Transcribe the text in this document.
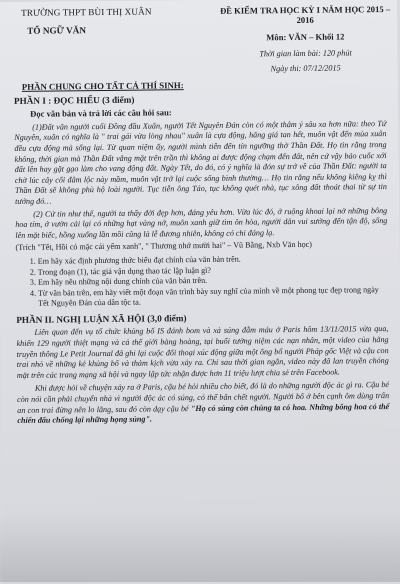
TRƯỜNG THPT BÙI THỊ XUÂN
TỔ NGỮ VĂN
ĐỀ KIỂM TRA HỌC KỲ I NĂM HỌC 2015 – 2016
Môn: VĂN – Khối 12
Thời gian làm bài: 120 phút
Ngày thi: 07/12/2015
PHẦN CHUNG CHO TẤT CẢ THÍ SINH:
PHẦN I : ĐỌC HIỂU (3 điểm)
Đọc văn bản và trả lời các câu hỏi sau:
(1)Đất văn người cuối Đồng đầu Xuân, người Tết Nguyên Đán còn có một thâm ý sâu xa hơn nữa: theo Tứ Nguyên, xuân có nghĩa là " trai gái vừa lòng nhau" xuân là cựa động, hăng giá tan hết, muôn vật đến mùa xuân đều cựa động mà sống lại. Từ quan niệm ấy, người mình tiễn đến tín ngưỡng thờ Thần Đất. Họ tin rằng trong không, thời gian mà Thần Đất vắng mặt trên trần thì không ai được động chạm đến đất, nên cứ vậy bảo cuốc xới đất lên hay gặt gạo làm cho vang động đất. Ngày Tết, do đó, có ý nghĩa là đón sự trở về của Thần Đất: người ta chờ lúc cây cối đâm lộc này mầm, muôn vật trở lại cuộc sống bình thường… Họ tin rằng nếu không kiêng kỵ thì Thần Đất sẽ không phù hộ loài người. Tục tiễn ông Táo, tục không quét nhà, tục xông đất thoát thai từ sự tin tưởng đó…
(2) Cứ tin như thế, người ta thấy đời đẹp hơn, đáng yêu hơn. Vừa lúc đó, ở ruộng khoai lại nở những bông hoa tím, ở vườn cải lại có những hạt vàng nở, muôn xanh giữ tìm ôn hòa, người dân vui sướng đến tận độ, sống lên mặt biếc, hồng xuống lần mồi cũng là lễ đương nhiên, không có chi đáng lạ.
(Trích "Tết, Hồi có mặc cái yếm xanh", " Thương nhớ mười hai" – Vũ Bằng, Nxb Văn học)
1. Em hãy xác định phương thức biểu đạt chính của văn bản trên.
2. Trong đoạn (1), tác giả vận dụng thao tác lập luận gì?
3. Em hãy nêu những nội dung chính của văn bản trên.
4. Từ văn bản trên, em hãy viết một đoạn văn trình bày suy nghĩ của mình về một phong tục đẹp trong ngày Tết Nguyên Đán của dân tộc ta.
PHẦN II. NGHỊ LUẬN XÃ HỘI (3,0 điểm)
Liên quan đến vụ tổ chức khủng bố IS đánh bom và xả súng đẫm máu ở Paris hôm 13/11/2015 vừa qua, khiến 129 người thiệt mạng và cả thế giới bàng hoàng, tại buổi tưởng niệm các nạn nhân, một video của hãng truyền thông Le Petit Journal đã ghi lại cuộc đối thoại xúc động giữa một ông bố người Pháp gốc Việt và cậu con trai nhỏ về những kẻ khủng bố và thảm kịch vừa xảy ra. Chỉ sau thời gian ngắn, video này đã lan truyền chóng mặt trên các trang mạng xã hội và ngay lập tức nhận được hơn 11 triệu lượt chia sẻ trên Facebook.
Khi được hỏi về chuyện xảy ra ở Paris, cậu bé hỏi nhiều cho biết, đó là do những người độc ác gì ra. Cậu bé còn nói cần phải chuyển nhà vì người độc ác có súng, có thể bắn chết người. Người bố ở bên cạnh ôm dùng trấn an con trai đừng nên lo lắng, sau đó còn dạy cậu bé "Họ có súng còn chúng ta có hoa. Những bông hoa có thể chiến đấu chống lại những họng súng".
